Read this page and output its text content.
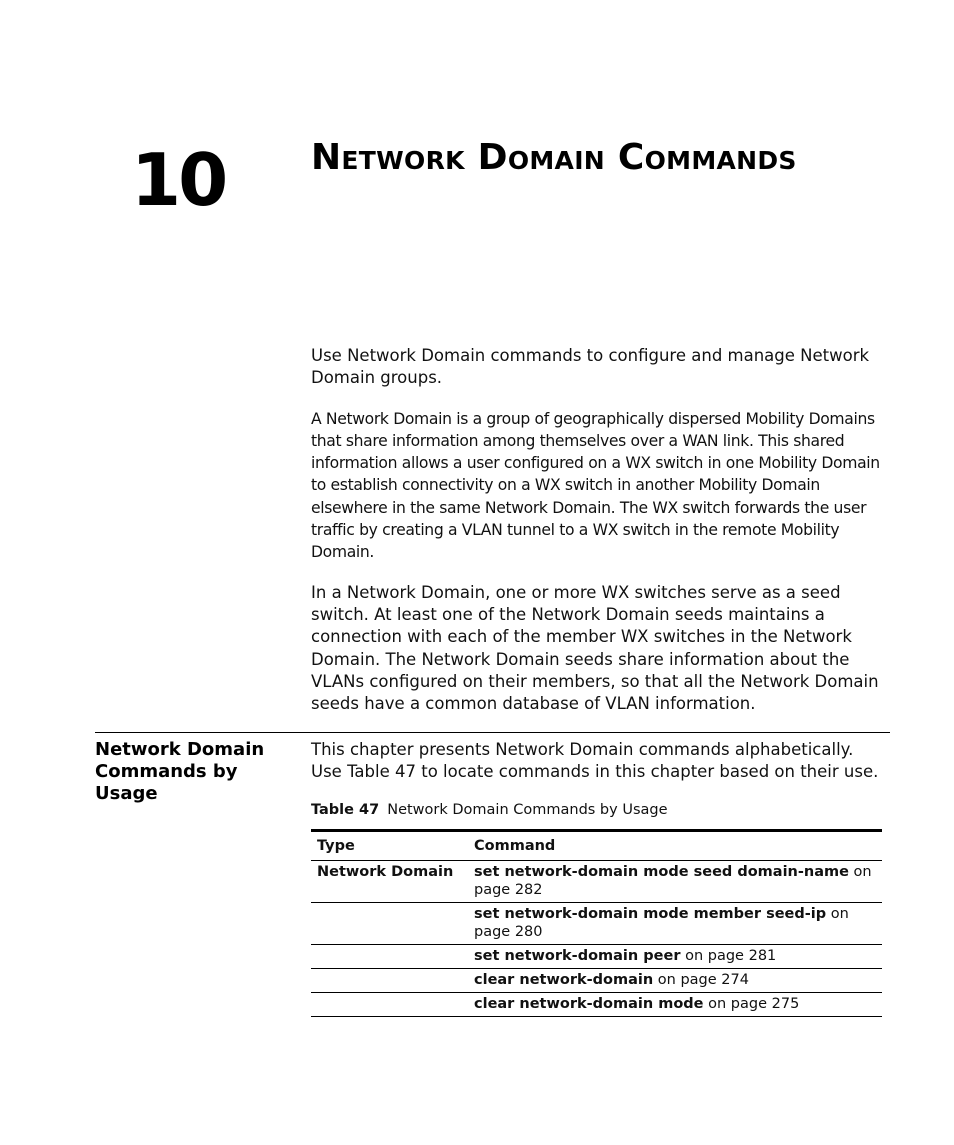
10 Network Domain Commands

Use Network Domain commands to configure and manage Network Domain groups.

A Network Domain is a group of geographically dispersed Mobility Domains that share information among themselves over a WAN link. This shared information allows a user configured on a WX switch in one Mobility Domain to establish connectivity on a WX switch in another Mobility Domain elsewhere in the same Network Domain. The WX switch forwards the user traffic by creating a VLAN tunnel to a WX switch in the remote Mobility Domain.

In a Network Domain, one or more WX switches serve as a seed switch. At least one of the Network Domain seeds maintains a connection with each of the member WX switches in the Network Domain. The Network Domain seeds share information about the VLANs configured on their members, so that all the Network Domain seeds have a common database of VLAN information.

Network Domain Commands by Usage

This chapter presents Network Domain commands alphabetically. Use Table 47 to locate commands in this chapter based on their use.

Table 47 Network Domain Commands by Usage
Type	Command
Network Domain	set network-domain mode seed domain-name on page 282
	set network-domain mode member seed-ip on page 280
	set network-domain peer on page 281
	clear network-domain on page 274
	clear network-domain mode on page 275
